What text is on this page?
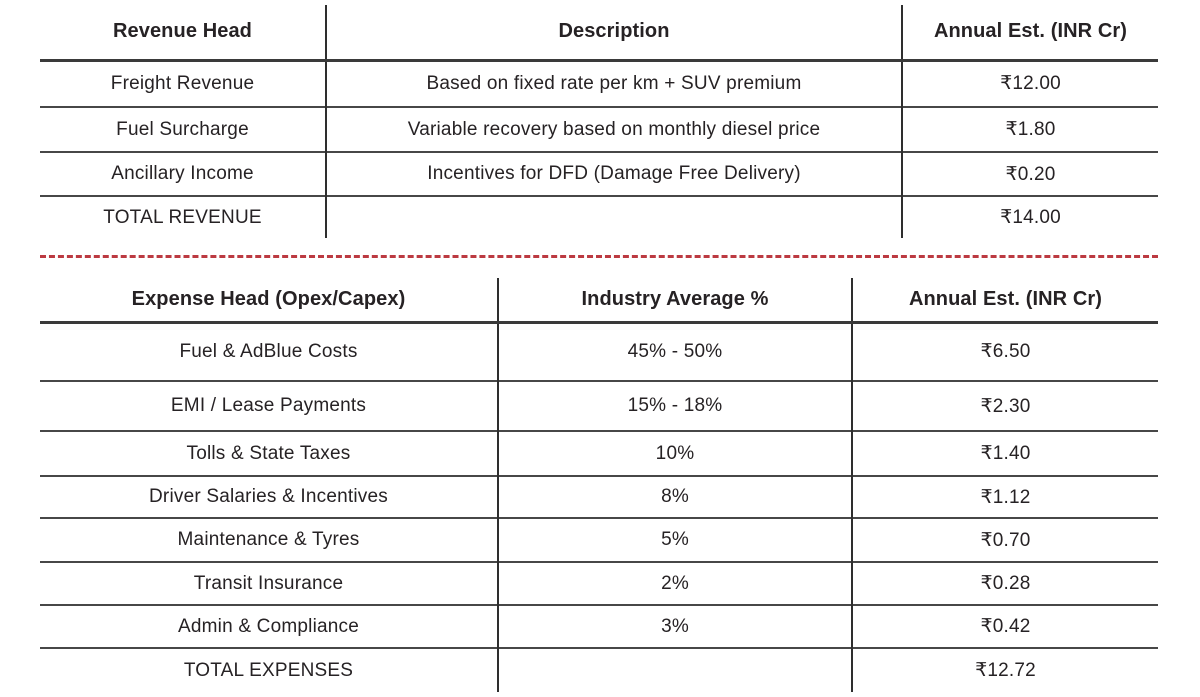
Revenue Head	Description	Annual Est. (INR Cr)
Freight Revenue	Based on fixed rate per km + SUV premium	₹12.00
Fuel Surcharge	Variable recovery based on monthly diesel price	₹1.80
Ancillary Income	Incentives for DFD (Damage Free Delivery)	₹0.20
TOTAL REVENUE		₹14.00
Expense Head (Opex/Capex)	Industry Average %	Annual Est. (INR Cr)
Fuel & AdBlue Costs	45% - 50%	₹6.50
EMI / Lease Payments	15% - 18%	₹2.30
Tolls & State Taxes	10%	₹1.40
Driver Salaries & Incentives	8%	₹1.12
Maintenance & Tyres	5%	₹0.70
Transit Insurance	2%	₹0.28
Admin & Compliance	3%	₹0.42
TOTAL EXPENSES		₹12.72
